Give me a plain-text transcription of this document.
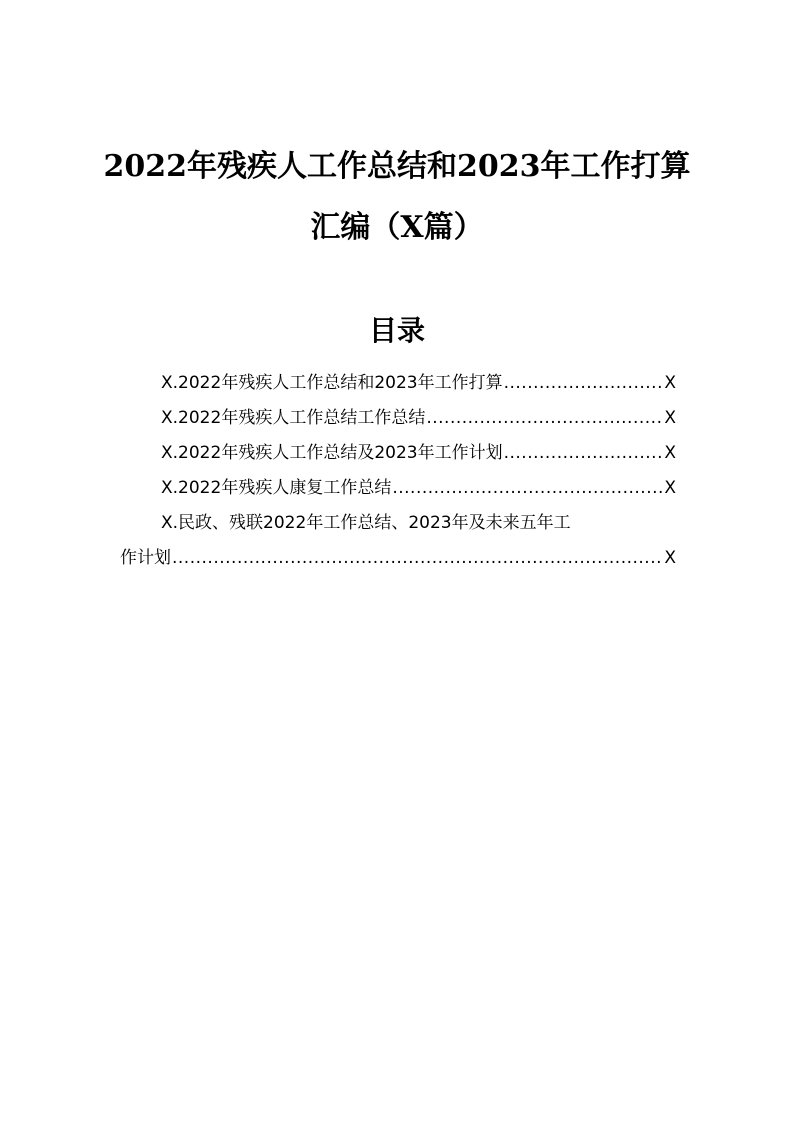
2022年残疾人工作总结和2023年工作打算
汇编（X篇）
目录
X.2022年残疾人工作总结和2023年工作打算 .....	X
X.2022年残疾人工作总结工作总结 .....	X
X.2022年残疾人工作总结及2023年工作计划 .....	X
X.2022年残疾人康复工作总结 .....	X
X.民政、残联2022年工作总结、2023年及未来五年工
作计划 .....	X
